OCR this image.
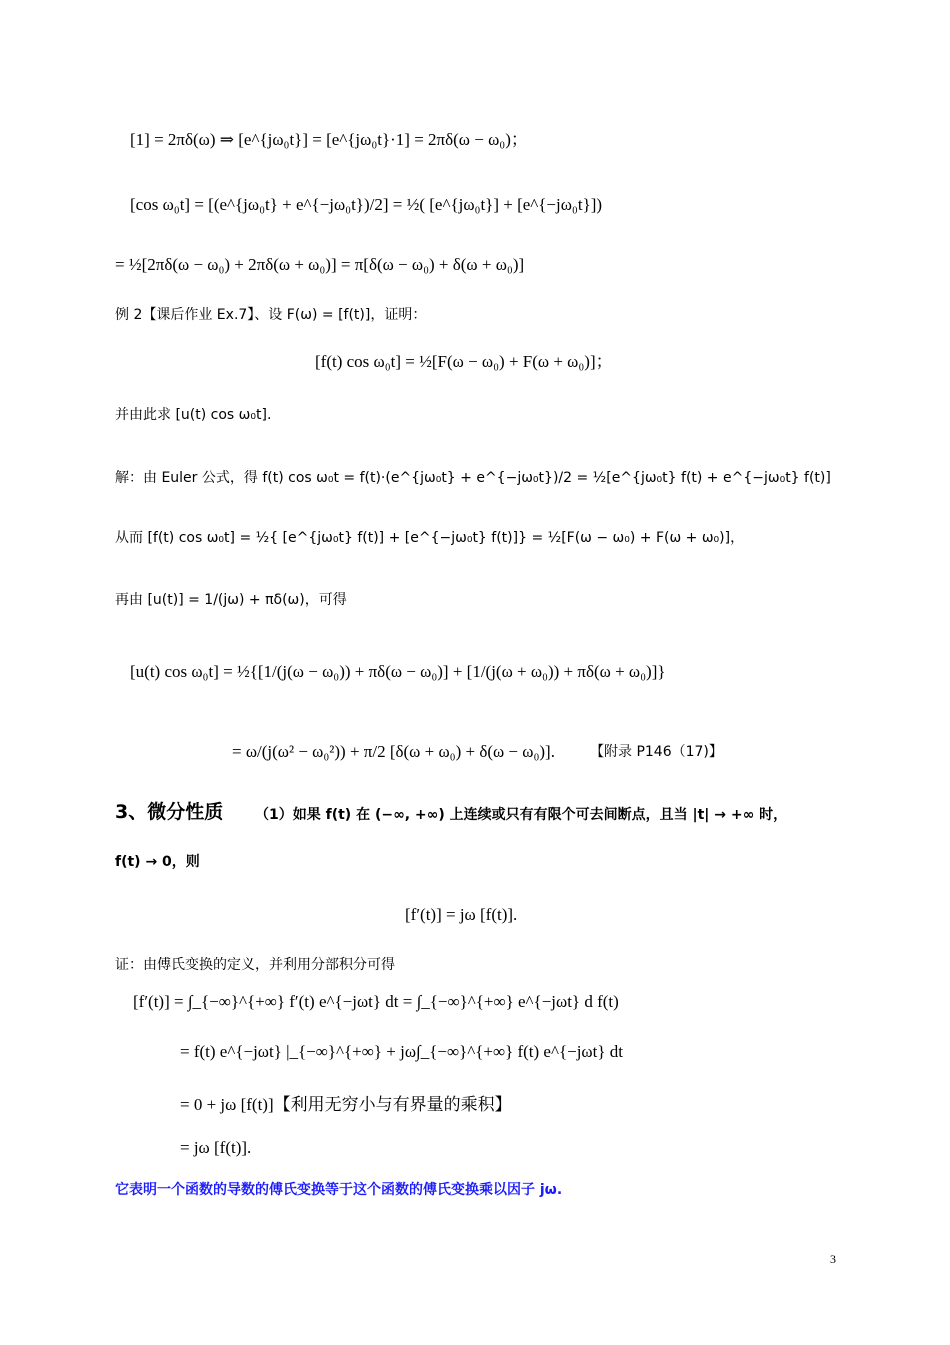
[1] = 2πδ(ω) ⇒ [e^{jω₀t}] = [e^{jω₀t}·1] = 2πδ(ω − ω₀)；
[cos ω₀t] = [(e^{jω₀t} + e^{−jω₀t})/2] = ½( [e^{jω₀t}] + [e^{−jω₀t}])
= ½[2πδ(ω − ω₀) + 2πδ(ω + ω₀)] = π[δ(ω − ω₀) + δ(ω + ω₀)]
例 2【课后作业 Ex.7】、设 F(ω) = [f(t)]，证明：
[f(t) cos ω₀t] = ½[F(ω − ω₀) + F(ω + ω₀)]；
并由此求 [u(t) cos ω₀t].
解：由 Euler 公式，得 f(t) cos ω₀t = f(t)·(e^{jω₀t} + e^{−jω₀t})/2 = ½[e^{jω₀t} f(t) + e^{−jω₀t} f(t)]
从而 [f(t) cos ω₀t] = ½{ [e^{jω₀t} f(t)] + [e^{−jω₀t} f(t)]} = ½[F(ω − ω₀) + F(ω + ω₀)]，
再由 [u(t)] = 1/(jω) + πδ(ω)，可得
[u(t) cos ω₀t] = ½{[1/(j(ω − ω₀)) + πδ(ω − ω₀)] + [1/(j(ω + ω₀)) + πδ(ω + ω₀)]}
= ω/(j(ω² − ω₀²)) + π/2 [δ(ω + ω₀) + δ(ω − ω₀)].	【附录 P146（17)】
3、微分性质 （1）如果 f(t) 在 (−∞, +∞) 上连续或只有有限个可去间断点，且当 |t| → +∞ 时，
f(t) → 0，则
[f′(t)] = jω [f(t)].
证：由傅氏变换的定义，并利用分部积分可得
[f′(t)] = ∫_{−∞}^{+∞} f′(t) e^{−jωt} dt = ∫_{−∞}^{+∞} e^{−jωt} d f(t)
= f(t) e^{−jωt} |_{−∞}^{+∞} + jω∫_{−∞}^{+∞} f(t) e^{−jωt} dt
= 0 + jω [f(t)]【利用无穷小与有界量的乘积】
= jω [f(t)].
它表明一个函数的导数的傅氏变换等于这个函数的傅氏变换乘以因子 jω.
3
